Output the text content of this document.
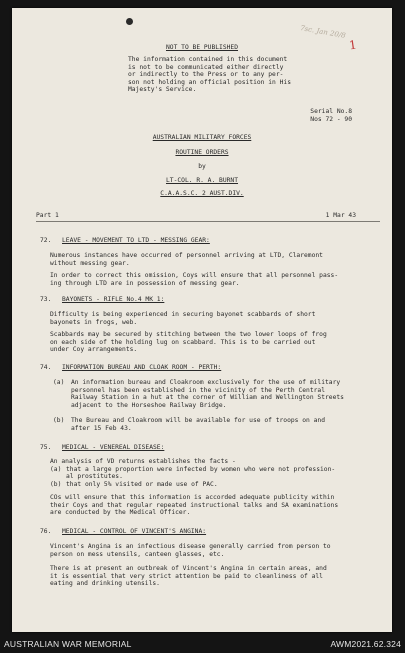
7sc. Jan 20/8
1
NOT TO BE PUBLISHED
The information contained in this document
is not to be communicated either directly
or indirectly to the Press or to any per-
son not holding an official position in His
Majesty's Service.
Serial No.8
Nos 72 - 90
AUSTRALIAN MILITARY FORCES
ROUTINE ORDERS
by
LT-COL. R. A. BURNT
C.A.A.S.C. 2 AUST.DIV.
Part 1	1 Mar 43
72. LEAVE - MOVEMENT TO LTD - MESSING GEAR:
Numerous instances have occurred of personnel arriving at LTD, Claremont
without messing gear.
In order to correct this omission, Coys will ensure that all personnel pass-
ing through LTD are in possession of messing gear.
73. BAYONETS - RIFLE No.4 MK 1:
Difficulty is being experienced in securing bayonet scabbards of short
bayonets in frogs, web.
Scabbards may be secured by stitching between the two lower loops of frog
on each side of the holding lug on scabbard. This is to be carried out
under Coy arrangements.
74. INFORMATION BUREAU AND CLOAK ROOM - PERTH:
(a) An information bureau and Cloakroom exclusively for the use of military
personnel has been established in the vicinity of the Perth Central
Railway Station in a hut at the corner of William and Wellington Streets
adjacent to the Horseshoe Railway Bridge.
(b) The Bureau and Cloakroom will be available for use of troops on and
after 15 Feb 43.
75. MEDICAL - VENEREAL DISEASE:
An analysis of VD returns establishes the facts -
(a) that a large proportion were infected by women who were not profession-
al prostitutes.
(b) that only 5% visited or made use of PAC.
COs will ensure that this information is accorded adequate publicity within
their Coys and that regular repeated instructional talks and SA examinations
are conducted by the Medical Officer.
76. MEDICAL - CONTROL OF VINCENT'S ANGINA:
Vincent's Angina is an infectious disease generally carried from person to
person on mess utensils, canteen glasses, etc.
There is at present an outbreak of Vincent's Angina in certain areas, and
it is essential that very strict attention be paid to cleanliness of all
eating and drinking utensils.
AUSTRALIAN WAR MEMORIAL	AWM2021.62.324
